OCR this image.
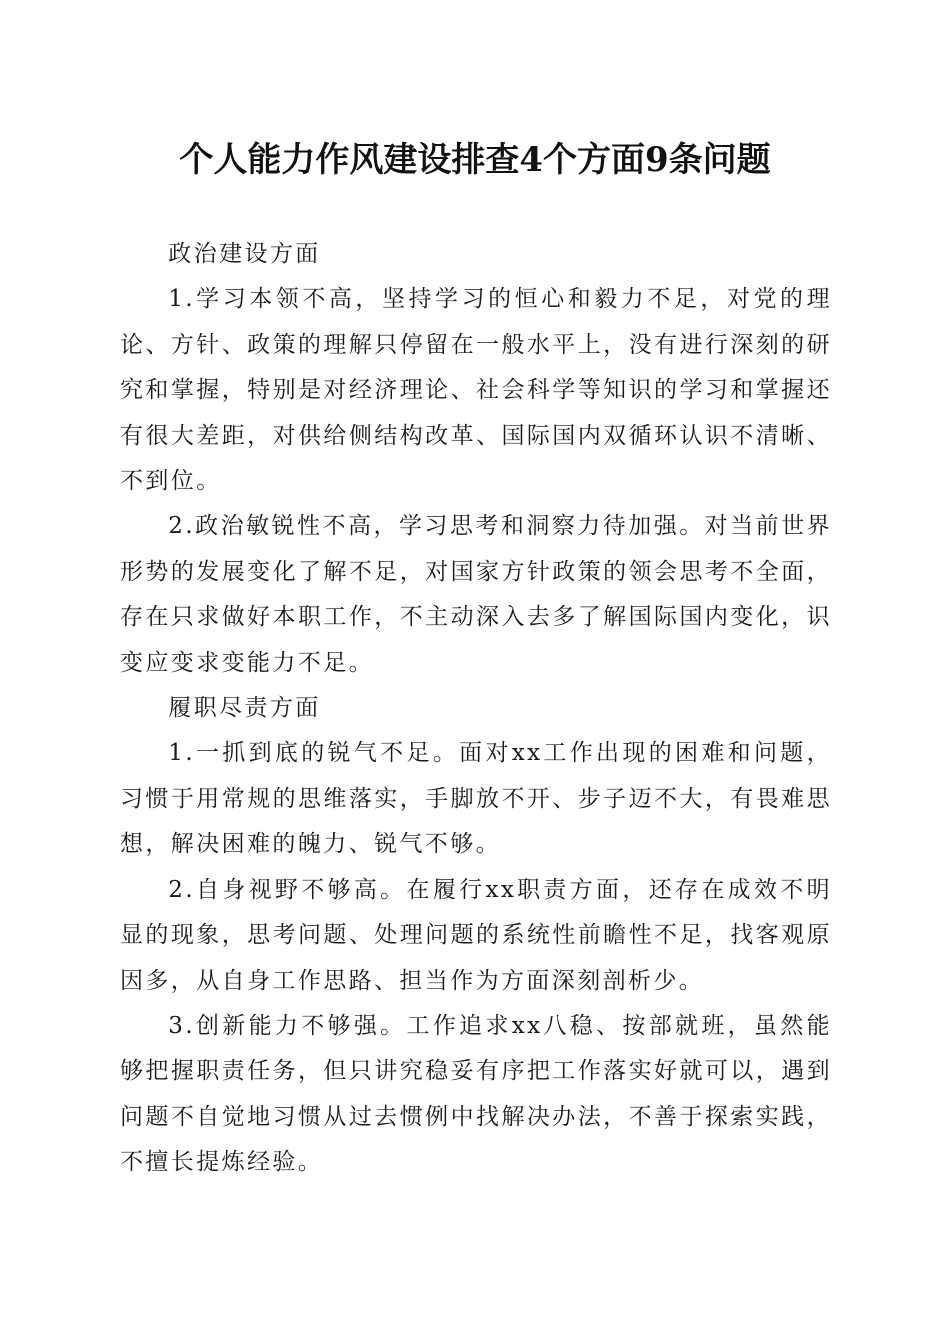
个人能力作风建设排查4个方面9条问题

政治建设方面

1.学习本领不高，坚持学习的恒心和毅力不足，对党的理论、方针、政策的理解只停留在一般水平上，没有进行深刻的研究和掌握，特别是对经济理论、社会科学等知识的学习和掌握还有很大差距，对供给侧结构改革、国际国内双循环认识不清晰、不到位。

2.政治敏锐性不高，学习思考和洞察力待加强。对当前世界形势的发展变化了解不足，对国家方针政策的领会思考不全面，存在只求做好本职工作，不主动深入去多了解国际国内变化，识变应变求变能力不足。

履职尽责方面

1.一抓到底的锐气不足。面对xx工作出现的困难和问题，习惯于用常规的思维落实，手脚放不开、步子迈不大，有畏难思想，解决困难的魄力、锐气不够。

2.自身视野不够高。在履行xx职责方面，还存在成效不明显的现象，思考问题、处理问题的系统性前瞻性不足，找客观原因多，从自身工作思路、担当作为方面深刻剖析少。

3.创新能力不够强。工作追求xx八稳、按部就班，虽然能够把握职责任务，但只讲究稳妥有序把工作落实好就可以，遇到问题不自觉地习惯从过去惯例中找解决办法，不善于探索实践，不擅长提炼经验。
